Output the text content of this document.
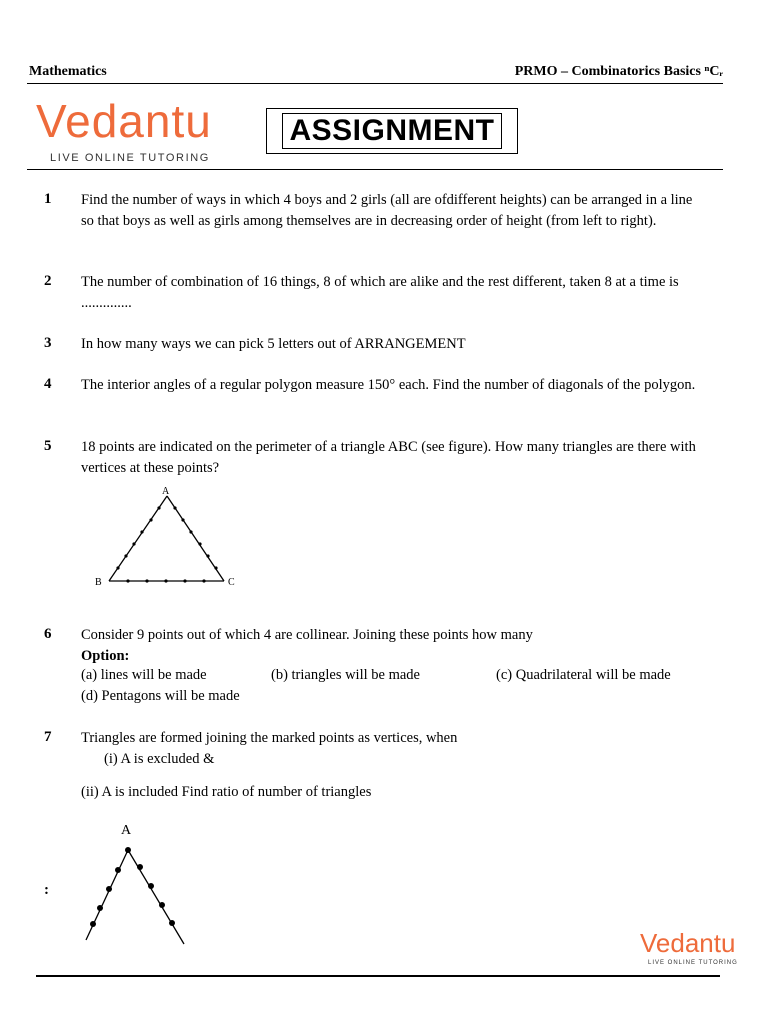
Mathematics	PRMO – Combinatorics Basics ⁿCᵣ
Vedantu
LIVE ONLINE TUTORING
ASSIGNMENT
1 Find the number of ways in which 4 boys and 2 girls (all are ofdifferent heights) can be arranged in a line so that boys as well as girls among themselves are in decreasing order of height (from left to right).
2 The number of combination of 16 things, 8 of which are alike and the rest different, taken 8 at a time is ..............
3 In how many ways we can pick 5 letters out of ARRANGEMENT
4 The interior angles of a regular polygon measure 150° each. Find the number of diagonals of the polygon.
5 18 points are indicated on the perimeter of a triangle ABC (see figure). How many triangles are there with vertices at these points?
A
B	C
6 Consider 9 points out of which 4 are collinear. Joining these points how many
Option:
(a) lines will be made	(b) triangles will be made	(c) Quadrilateral will be made
(d) Pentagons will be made
7 Triangles are formed joining the marked points as vertices, when
(i) A is excluded &
(ii) A is included Find ratio of number of triangles
:
A
Vedantu
LIVE ONLINE TUTORING
